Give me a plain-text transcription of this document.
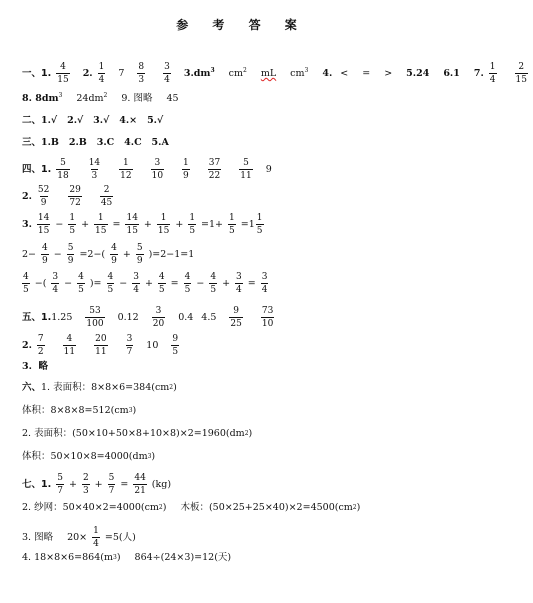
参 考 答 案
一、1. $\frac{4}{15} 2$. $\frac{1}{4} 7 \frac{8}{3} \frac{3}{4} 3.dm^3$ $cm^2$ mL $cm^3$ 4. < = > 5.24 6.1 7. $\frac{1}{4} \frac{2}{15}$
8. $8dm^3$ $24dm^2$ 9. 图略 45
二、 1.√   2.√   3.√   4.×   5.√
三、 1.B   2.B   3.C   4.C   5.A
四、1. $\frac{5}{18} \frac{14}{3} \frac{1}{12} \frac{3}{10} \frac{1}{9} \frac{37}{22} \frac{5}{11} 9$
2. $\frac{52}{9} \frac{29}{72} \frac{2}{45}$
3. $\frac{14}{15} - \frac{1}{5} + \frac{1}{15} = \frac{14}{15} + \frac{1}{15} + \frac{1}{5} =1+ \frac{1}{5} =1 \frac{1}{5}$
$2- \frac{4}{9} - \frac{5}{9} =2-( \frac{4}{9} + \frac{5}{9} )=2-1=1$
$\frac{4}{5}$ −( $\frac{3}{4} - \frac{4}{5}$ )= $\frac{4}{5} - \frac{3}{4} + \frac{4}{5} = \frac{4}{5} - \frac{4}{5} + \frac{3}{4} = \frac{3}{4}$
五、1. $1.25 \frac{53}{100} 0.12 \frac{3}{20} 0.4$ $4.5 \frac{9}{25} \frac{73}{10}$
2. $\frac{7}{2} \frac{4}{11} \frac{20}{11} \frac{3}{7} 10 \frac{9}{5}$
3.  略
六、 1. 表面积：8×8×6=384(cm 2 )
体积：8×8×8=512(cm 3 )
2. 表面积：(50×10+50×8+10×8)×2=1960(dm 2 )
体积：50×10×8=4000(dm 3 )
七、1. $\frac{5}{7} + \frac{2}{3} + \frac{5}{7} = \frac{44}{21} (kg)$
2. 纱网：50×40×2=4000(cm 2 ) 木板：(50×25+25×40)×2=4500(cm 2 )
3. 图略 $20\times \frac{1}{4} =5$(人)
4. 18×8×6=864(m 3 ) 864÷(24×3)=12(天)
